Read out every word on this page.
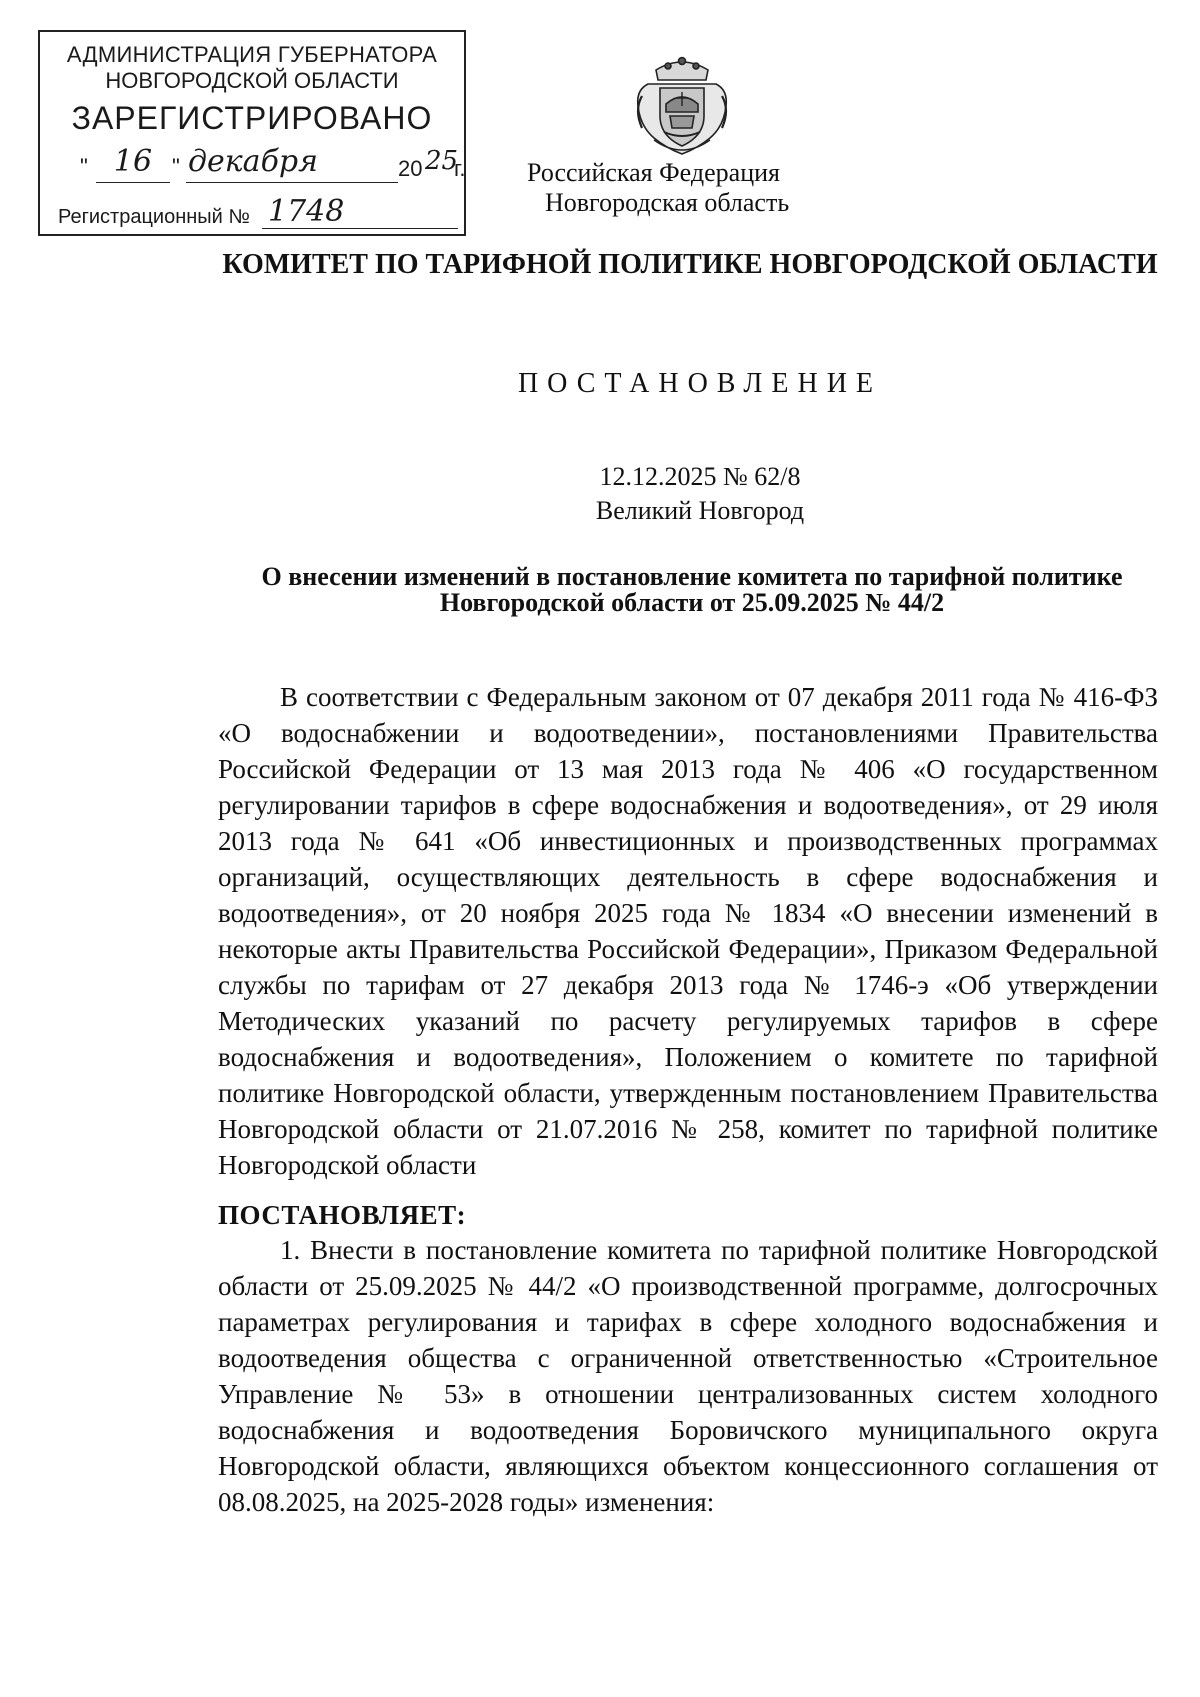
АДМИНИСТРАЦИЯ ГУБЕРНАТОРА
НОВГОРОДСКОЙ ОБЛАСТИ
ЗАРЕГИСТРИРОВАНО
" 16 " декабря	20 25
г.
Регистрационный № 1748
Российская Федерация
Новгородская область
КОМИТЕТ ПО ТАРИФНОЙ ПОЛИТИКЕ НОВГОРОДСКОЙ ОБЛАСТИ
ПОСТАНОВЛЕНИЕ
12.12.2025 № 62/8
Великий Новгород
О внесении изменений в постановление комитета по тарифной политике Новгородской области от 25.09.2025 № 44/2

В соответствии с Федеральным законом от 07 декабря 2011 года № 416-ФЗ «О водоснабжении и водоотведении», постановлениями Правительства Российской Федерации от 13 мая 2013 года № 406 «О государственном регулировании тарифов в сфере водоснабжения и водоотведения», от 29 июля 2013 года № 641 «Об инвестиционных и производственных программах организаций, осуществляющих деятельность в сфере водоснабжения и водоотведения», от 20 ноября 2025 года № 1834 «О внесении изменений в некоторые акты Правительства Российской Федерации», Приказом Федеральной службы по тарифам от 27 декабря 2013 года № 1746-э «Об утверждении Методических указаний по расчету регулируемых тарифов в сфере водоснабжения и водоотведения», Положением о комитете по тарифной политике Новгородской области, утвержденным постановлением Правительства Новгородской области от 21.07.2016 № 258, комитет по тарифной политике Новгородской области

ПОСТАНОВЛЯЕТ:

1. Внести в постановление комитета по тарифной политике Новгородской области от 25.09.2025 № 44/2 «О производственной программе, долгосрочных параметрах регулирования и тарифах в сфере холодного водоснабжения и водоотведения общества с ограниченной ответственностью «Строительное Управление № 53» в отношении централизованных систем холодного водоснабжения и водоотведения Боровичского муниципального округа Новгородской области, являющихся объектом концессионного соглашения от 08.08.2025, на 2025-2028 годы» изменения:
